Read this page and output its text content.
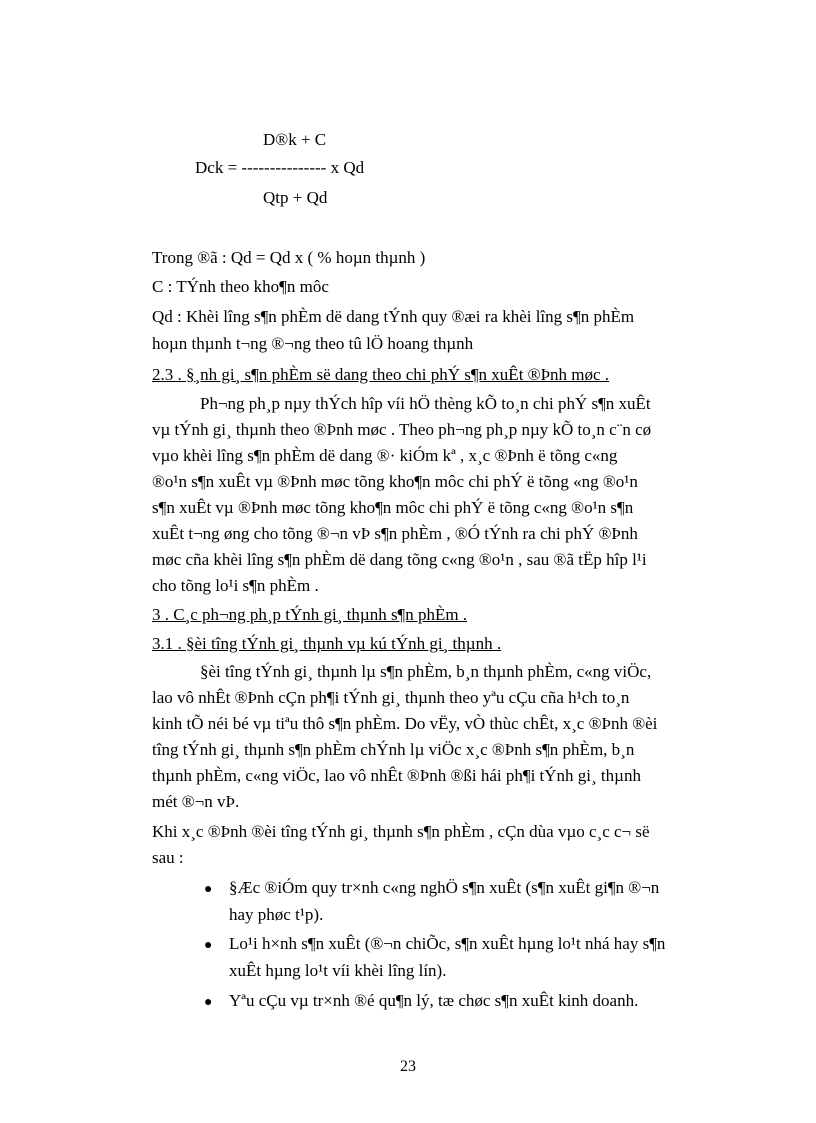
D®k + C
Dck = --------------- x Qd
Qtp + Qd
Trong ®ã : Qd = Qd x ( % hoµn thµnh )
C : TÝnh theo kho¶n môc
Qd : Khèi lîng s¶n phÈm dë dang tÝnh quy ®æi ra khèi lîng s¶n phÈm
hoµn thµnh t¬ng ®¬ng theo tû lÖ hoang thµnh
2.3 . §¸nh gi¸ s¶n phÈm së dang theo chi phÝ s¶n xuÊt ®Þnh møc .
Ph¬ng ph¸p nµy thÝch hîp víi hÖ thèng kÕ to¸n chi phÝ s¶n xuÊt
vµ tÝnh gi¸ thµnh theo ®Þnh møc . Theo ph¬ng ph¸p nµy kÕ to¸n c¨n cø
vµo khèi lîng s¶n phÈm dë dang ®· kiÓm kª , x¸c ®Þnh ë tõng c«ng
®o¹n s¶n xuÊt vµ ®Þnh møc tõng kho¶n môc chi phÝ ë tõng «ng ®o¹n
s¶n xuÊt vµ ®Þnh møc tõng kho¶n môc chi phÝ ë tõng c«ng ®o¹n s¶n
xuÊt t¬ng øng cho tõng ®¬n vÞ s¶n phÈm , ®Ó tÝnh ra chi phÝ ®Þnh
møc cña khèi lîng s¶n phÈm dë dang tõng c«ng ®o¹n , sau ®ã tËp hîp l¹i
cho tõng lo¹i s¶n phÈm .
3 . C¸c ph¬ng ph¸p tÝnh gi¸ thµnh s¶n phÈm .
3.1 . §èi tîng tÝnh gi¸ thµnh vµ kú tÝnh gi¸ thµnh .
§èi tîng tÝnh gi¸ thµnh lµ s¶n phÈm, b¸n thµnh phÈm, c«ng viÖc,
lao vô nhÊt ®Þnh cÇn ph¶i tÝnh gi¸ thµnh theo yªu cÇu cña h¹ch to¸n
kinh tÕ néi bé vµ tiªu thô s¶n phÈm. Do vËy, vÒ thùc chÊt, x¸c ®Þnh ®èi
tîng tÝnh gi¸ thµnh s¶n phÈm chÝnh lµ viÖc x¸c ®Þnh s¶n phÈm, b¸n
thµnh phÈm, c«ng viÖc, lao vô nhÊt ®Þnh ®ßi hái ph¶i tÝnh gi¸ thµnh
mét ®¬n vÞ.
Khi x¸c ®Þnh ®èi tîng tÝnh gi¸ thµnh s¶n phÈm , cÇn dùa vµo c¸c c¬ së
sau :
● §Æc ®iÓm quy tr×nh c«ng nghÖ s¶n xuÊt (s¶n xuÊt gi¶n ®¬n
hay phøc t¹p).
● Lo¹i h×nh s¶n xuÊt (®¬n chiÕc, s¶n xuÊt hµng lo¹t nhá hay s¶n
xuÊt hµng lo¹t víi khèi lîng lín).
● Yªu cÇu vµ tr×nh ®é qu¶n lý, tæ chøc s¶n xuÊt kinh doanh.
23
